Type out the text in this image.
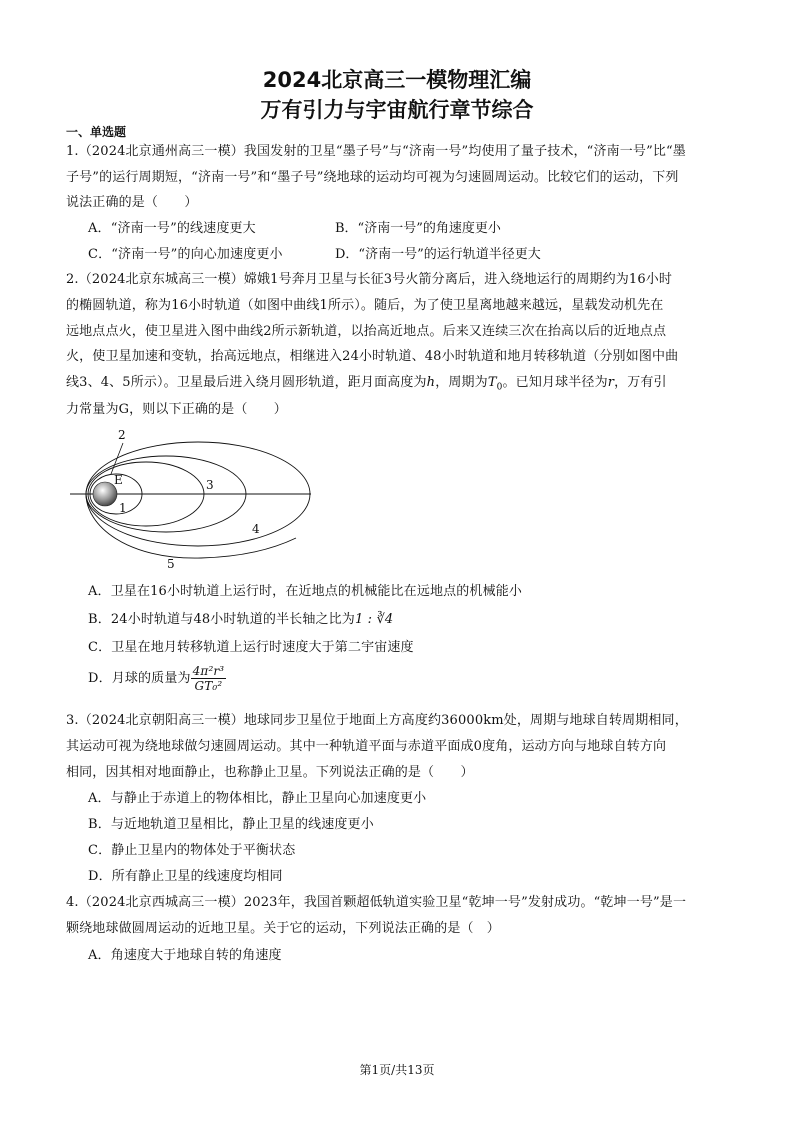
2024北京高三一模物理汇编
万有引力与宇宙航行章节综合
一、单选题
1.（2024北京通州高三一模）我国发射的卫星“墨子号”与“济南一号”均使用了量子技术，“济南一号”比“墨
子号”的运行周期短，“济南一号”和“墨子号”绕地球的运动均可视为匀速圆周运动。比较它们的运动，下列
说法正确的是（　　）
A．“济南一号”的线速度更大	B．“济南一号”的角速度更小
C．“济南一号”的向心加速度更小	D．“济南一号”的运行轨道半径更大
2.（2024北京东城高三一模）嫦娥1号奔月卫星与长征3号火箭分离后，进入绕地运行的周期约为16小时
的椭圆轨道，称为16小时轨道（如图中曲线1所示）。随后，为了使卫星离地越来越远，星载发动机先在
远地点点火，使卫星进入图中曲线2所示新轨道，以抬高近地点。后来又连续三次在抬高以后的近地点点
火，使卫星加速和变轨，抬高远地点，相继进入24小时轨道、48小时轨道和地月转移轨道（分别如图中曲
线3、4、5所示）。卫星最后进入绕月圆形轨道，距月面高度为h，周期为$T_0$。已知月球半径为r，万有引
力常量为G，则以下正确的是（　　）
E
1
2
3
4
5
A．卫星在16小时轨道上运行时，在近地点的机械能比在远地点的机械能小
B．24小时轨道与48小时轨道的半长轴之比为1 : ∛4
C．卫星在地月转移轨道上运行时速度大于第二宇宙速度
D．月球的质量为 $\frac{\text{4π²r³}}{\text{GT₀²}}$
3.（2024北京朝阳高三一模）地球同步卫星位于地面上方高度约36000km处，周期与地球自转周期相同，
其运动可视为绕地球做匀速圆周运动。其中一种轨道平面与赤道平面成0度角，运动方向与地球自转方向
相同，因其相对地面静止，也称静止卫星。下列说法正确的是（　　）
A．与静止于赤道上的物体相比，静止卫星向心加速度更小
B．与近地轨道卫星相比，静止卫星的线速度更小
C．静止卫星内的物体处于平衡状态
D．所有静止卫星的线速度均相同
4.（2024北京西城高三一模）2023年，我国首颗超低轨道实验卫星“乾坤一号”发射成功。“乾坤一号”是一
颗绕地球做圆周运动的近地卫星。关于它的运动，下列说法正确的是（　）
A．角速度大于地球自转的角速度
第1页/共13页
